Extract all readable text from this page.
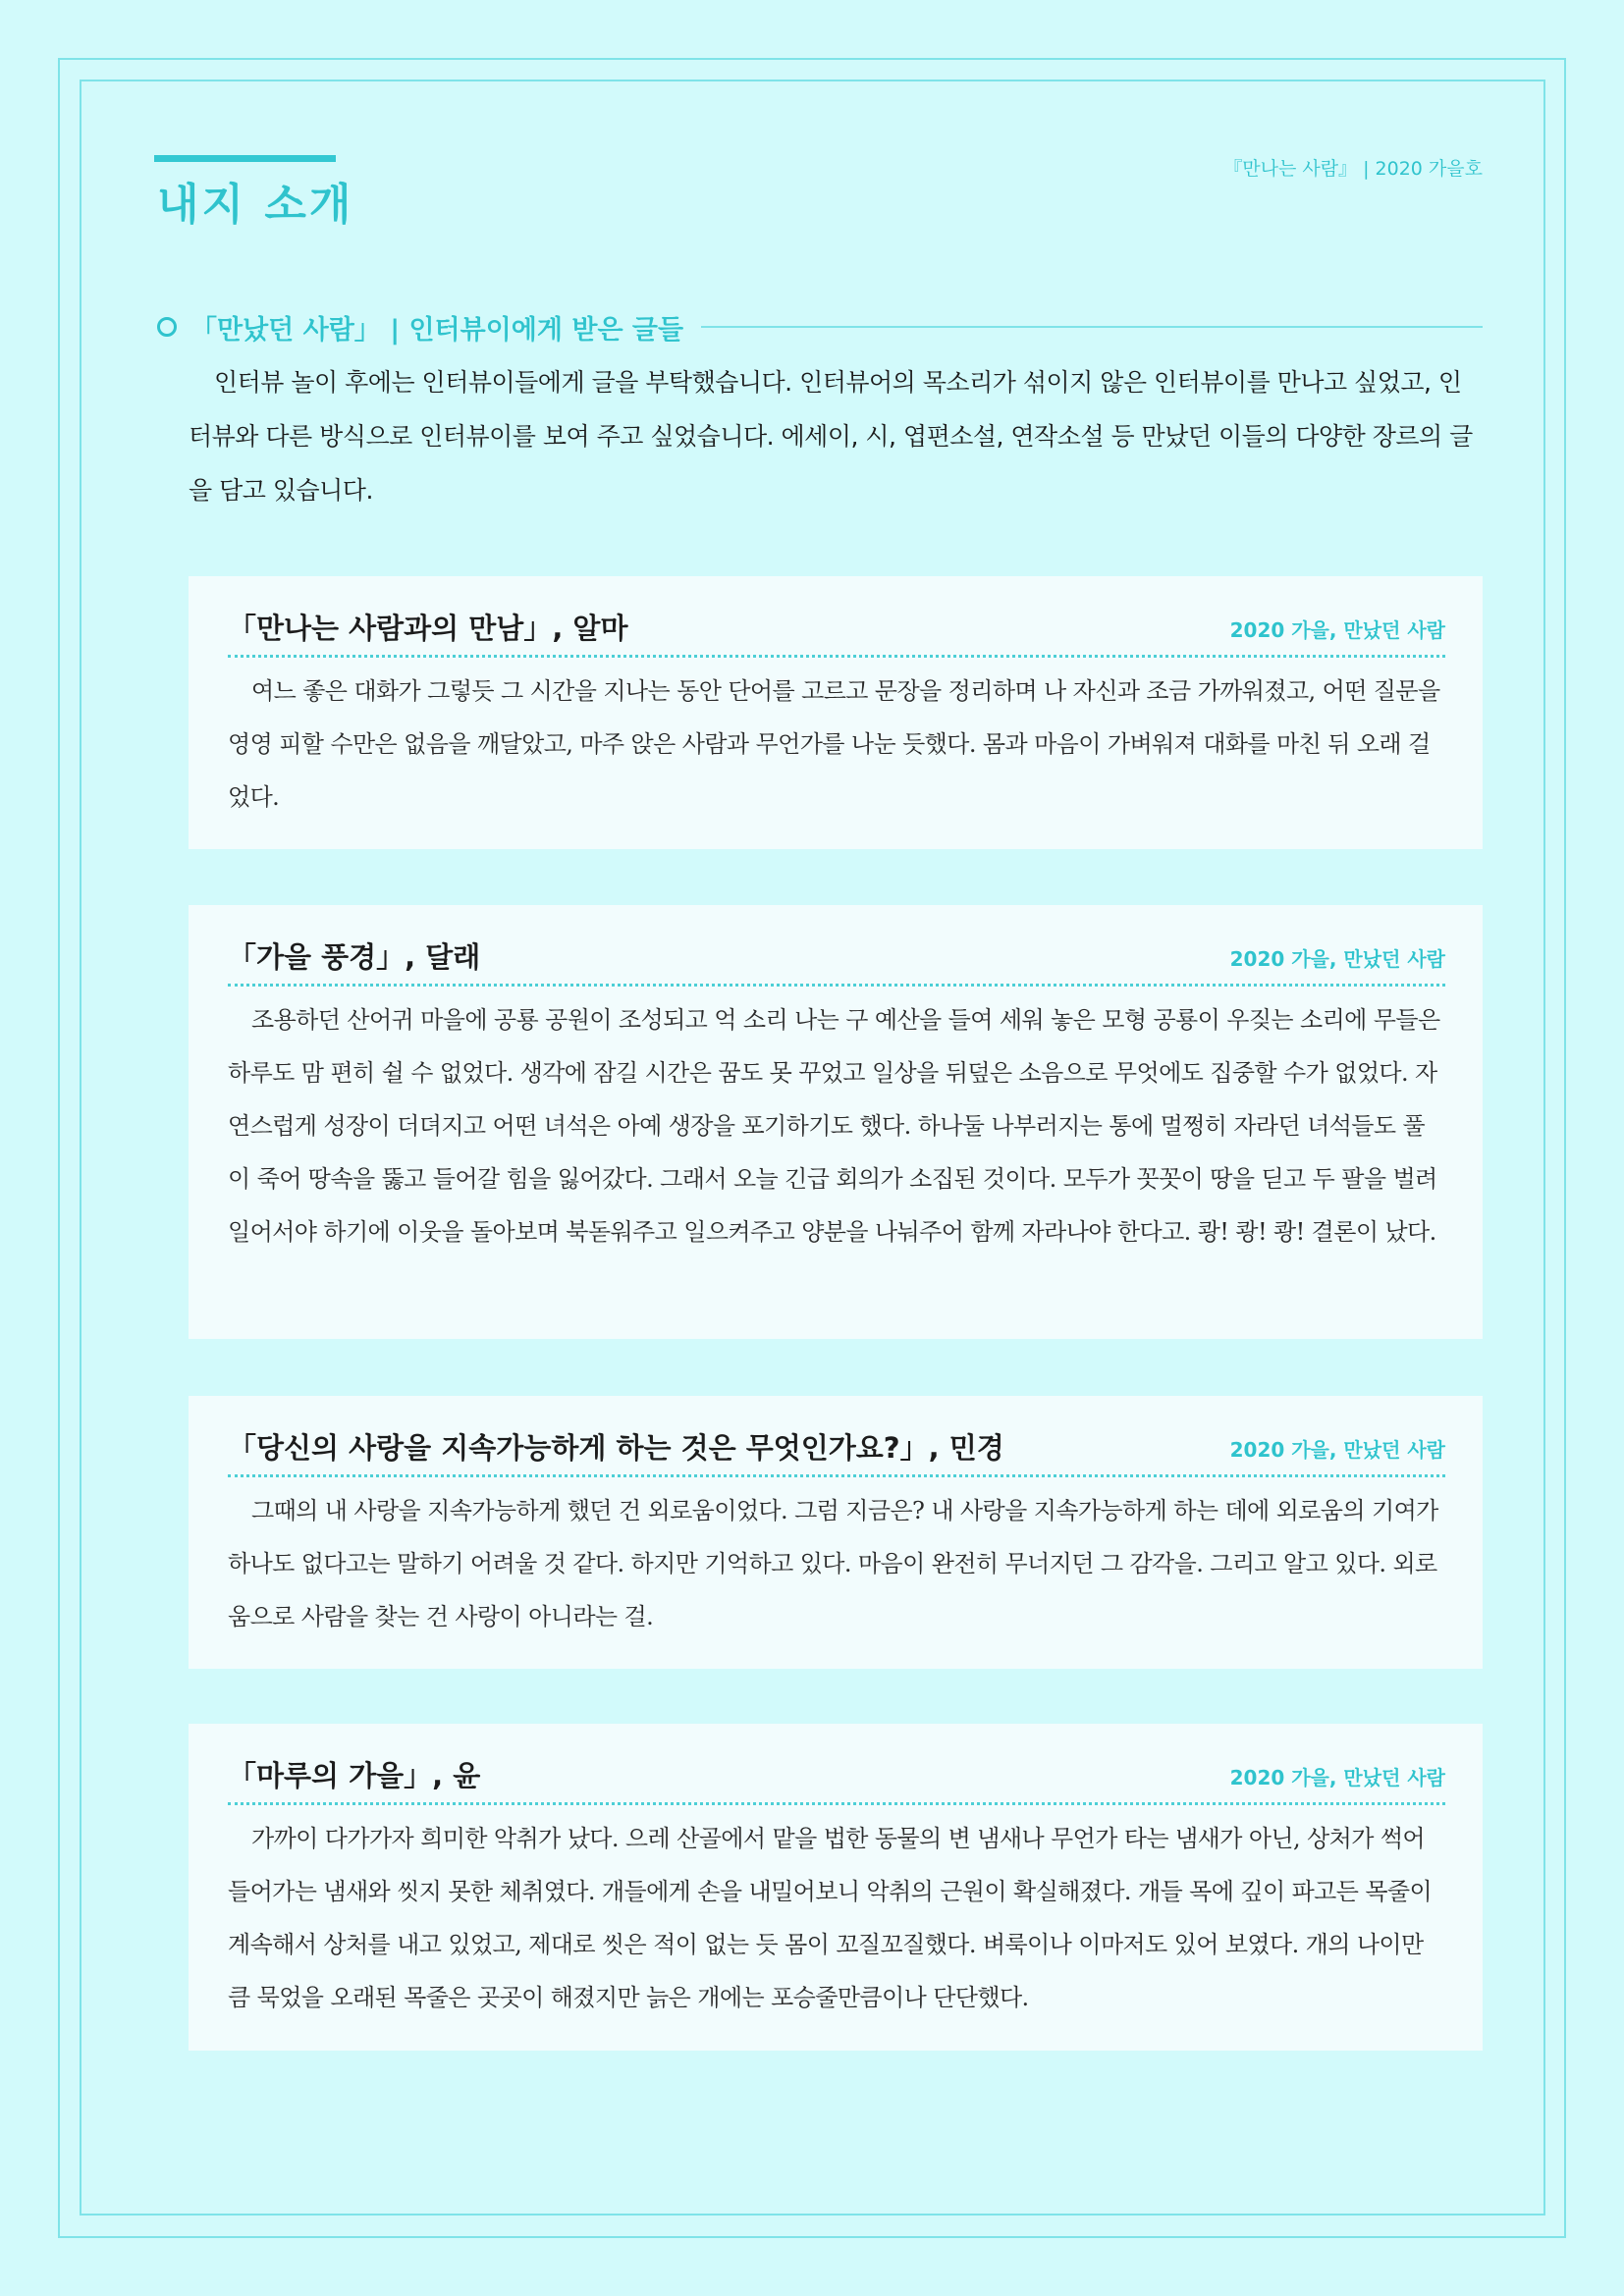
내지 소개
『만나는 사람』 | 2020 가을호
「만났던 사람」 | 인터뷰이에게 받은 글들

인터뷰 놀이 후에는 인터뷰이들에게 글을 부탁했습니다. 인터뷰어의 목소리가 섞이지 않은 인터뷰이를 만나고 싶었고, 인터뷰와 다른 방식으로 인터뷰이를 보여 주고 싶었습니다. 에세이, 시, 엽편소설, 연작소설 등 만났던 이들의 다양한 장르의 글을 담고 있습니다.

「만나는 사람과의 만남」, 알마	2020 가을, 만났던 사람

여느 좋은 대화가 그렇듯 그 시간을 지나는 동안 단어를 고르고 문장을 정리하며 나 자신과 조금 가까워졌고, 어떤 질문을 영영 피할 수만은 없음을 깨달았고, 마주 앉은 사람과 무언가를 나눈 듯했다. 몸과 마음이 가벼워져 대화를 마친 뒤 오래 걸었다.

「가을 풍경」, 달래	2020 가을, 만났던 사람

조용하던 산어귀 마을에 공룡 공원이 조성되고 억 소리 나는 구 예산을 들여 세워 놓은 모형 공룡이 우짖는 소리에 무들은 하루도 맘 편히 쉴 수 없었다. 생각에 잠길 시간은 꿈도 못 꾸었고 일상을 뒤덮은 소음으로 무엇에도 집중할 수가 없었다. 자연스럽게 성장이 더뎌지고 어떤 녀석은 아예 생장을 포기하기도 했다. 하나둘 나부러지는 통에 멀쩡히 자라던 녀석들도 풀이 죽어 땅속을 뚫고 들어갈 힘을 잃어갔다. 그래서 오늘 긴급 회의가 소집된 것이다. 모두가 꼿꼿이 땅을 딛고 두 팔을 벌려 일어서야 하기에 이웃을 돌아보며 북돋워주고 일으켜주고 양분을 나눠주어 함께 자라나야 한다고. 쾅! 쾅! 쾅! 결론이 났다.

「당신의 사랑을 지속가능하게 하는 것은 무엇인가요?」, 민경	2020 가을, 만났던 사람

그때의 내 사랑을 지속가능하게 했던 건 외로움이었다. 그럼 지금은? 내 사랑을 지속가능하게 하는 데에 외로움의 기여가 하나도 없다고는 말하기 어려울 것 같다. 하지만 기억하고 있다. 마음이 완전히 무너지던 그 감각을. 그리고 알고 있다. 외로움으로 사람을 찾는 건 사랑이 아니라는 걸.

「마루의 가을」, 윤	2020 가을, 만났던 사람

가까이 다가가자 희미한 악취가 났다. 으레 산골에서 맡을 법한 동물의 변 냄새나 무언가 타는 냄새가 아닌, 상처가 썩어들어가는 냄새와 씻지 못한 체취였다. 개들에게 손을 내밀어보니 악취의 근원이 확실해졌다. 개들 목에 깊이 파고든 목줄이 계속해서 상처를 내고 있었고, 제대로 씻은 적이 없는 듯 몸이 꼬질꼬질했다. 벼룩이나 이마저도 있어 보였다. 개의 나이만큼 묵었을 오래된 목줄은 곳곳이 해졌지만 늙은 개에는 포승줄만큼이나 단단했다.
